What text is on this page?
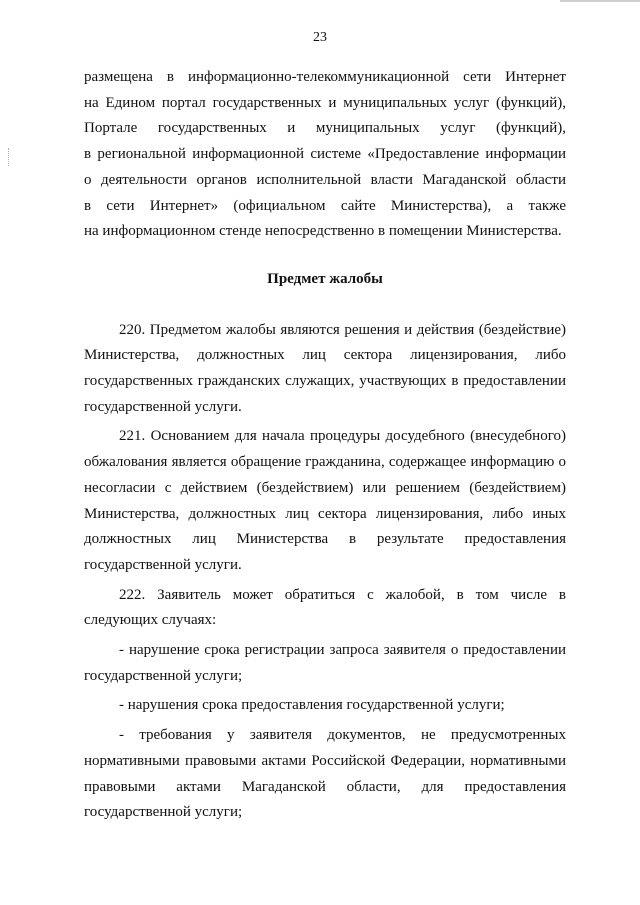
23

размещена в информационно-телекоммуникационной сети Интернет

на Едином портал государственных и муниципальных услуг (функций),

Портале государственных и муниципальных услуг (функций),

в региональной информационной системе «Предоставление информации

о деятельности органов исполнительной власти Магаданской области

в сети Интернет» (официальном сайте Министерства), а также

на информационном стенде непосредственно в помещении Министерства.

Предмет жалобы

220. Предметом жалобы являются решения и действия (бездействие) Министерства, должностных лиц сектора лицензирования, либо государственных гражданских служащих, участвующих в предоставлении государственной услуги.

221. Основанием для начала процедуры досудебного (внесудебного) обжалования является обращение гражданина, содержащее информацию о несогласии с действием (бездействием) или решением (бездействием) Министерства, должностных лиц сектора лицензирования, либо иных должностных лиц Министерства в результате предоставления государственной услуги.

222. Заявитель может обратиться с жалобой, в том числе в следующих случаях:

- нарушение срока регистрации запроса заявителя о предоставлении государственной услуги;

- нарушения срока предоставления государственной услуги;

- требования у заявителя документов, не предусмотренных нормативными правовыми актами Российской Федерации, нормативными правовыми актами Магаданской области, для предоставления государственной услуги;
